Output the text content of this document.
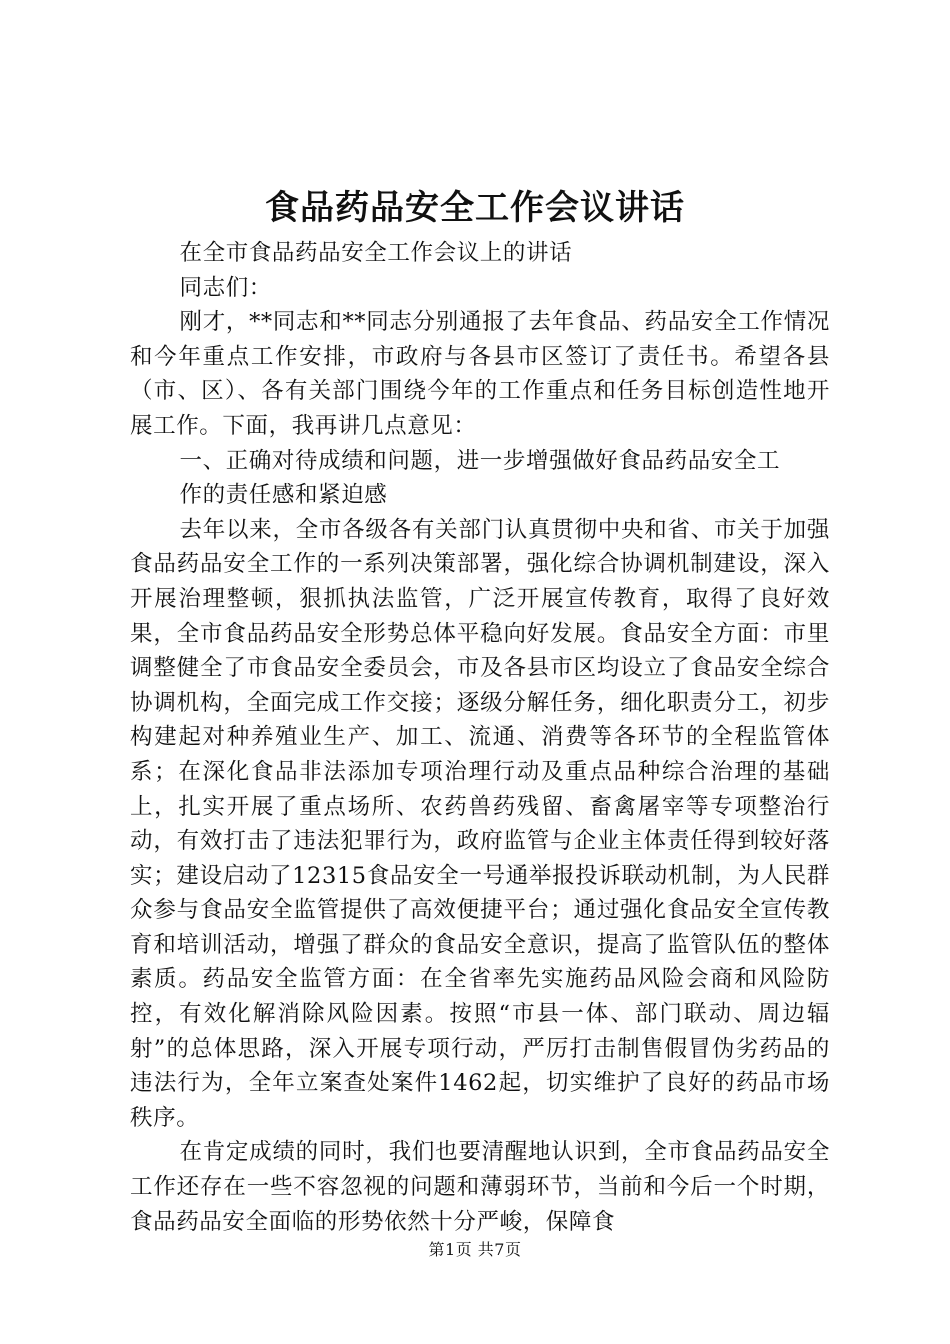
食品药品安全工作会议讲话

在全市食品药品安全工作会议上的讲话

同志们：

刚才，**同志和**同志分别通报了去年食品、药品安全工作情况和今年重点工作安排，市政府与各县市区签订了责任书。希望各县（市、区）、各有关部门围绕今年的工作重点和任务目标创造性地开展工作。下面，我再讲几点意见：

一、正确对待成绩和问题，进一步增强做好食品药品安全工

作的责任感和紧迫感

去年以来，全市各级各有关部门认真贯彻中央和省、市关于加强食品药品安全工作的一系列决策部署，强化综合协调机制建设，深入开展治理整顿，狠抓执法监管，广泛开展宣传教育，取得了良好效果，全市食品药品安全形势总体平稳向好发展。食品安全方面：市里调整健全了市食品安全委员会，市及各县市区均设立了食品安全综合协调机构，全面完成工作交接；逐级分解任务，细化职责分工，初步构建起对种养殖业生产、加工、流通、消费等各环节的全程监管体系；在深化食品非法添加专项治理行动及重点品种综合治理的基础上，扎实开展了重点场所、农药兽药残留、畜禽屠宰等专项整治行动，有效打击了违法犯罪行为，政府监管与企业主体责任得到较好落实；建设启动了12315食品安全一号通举报投诉联动机制，为人民群众参与食品安全监管提供了高效便捷平台；通过强化食品安全宣传教育和培训活动，增强了群众的食品安全意识，提高了监管队伍的整体素质。药品安全监管方面：在全省率先实施药品风险会商和风险防控，有效化解消除风险因素。按照“市县一体、部门联动、周边辐射”的总体思路，深入开展专项行动，严厉打击制售假冒伪劣药品的违法行为，全年立案查处案件1462起，切实维护了良好的药品市场秩序。

在肯定成绩的同时，我们也要清醒地认识到，全市食品药品安全工作还存在一些不容忽视的问题和薄弱环节，当前和今后一个时期，食品药品安全面临的形势依然十分严峻，保障食

第1页 共7页
